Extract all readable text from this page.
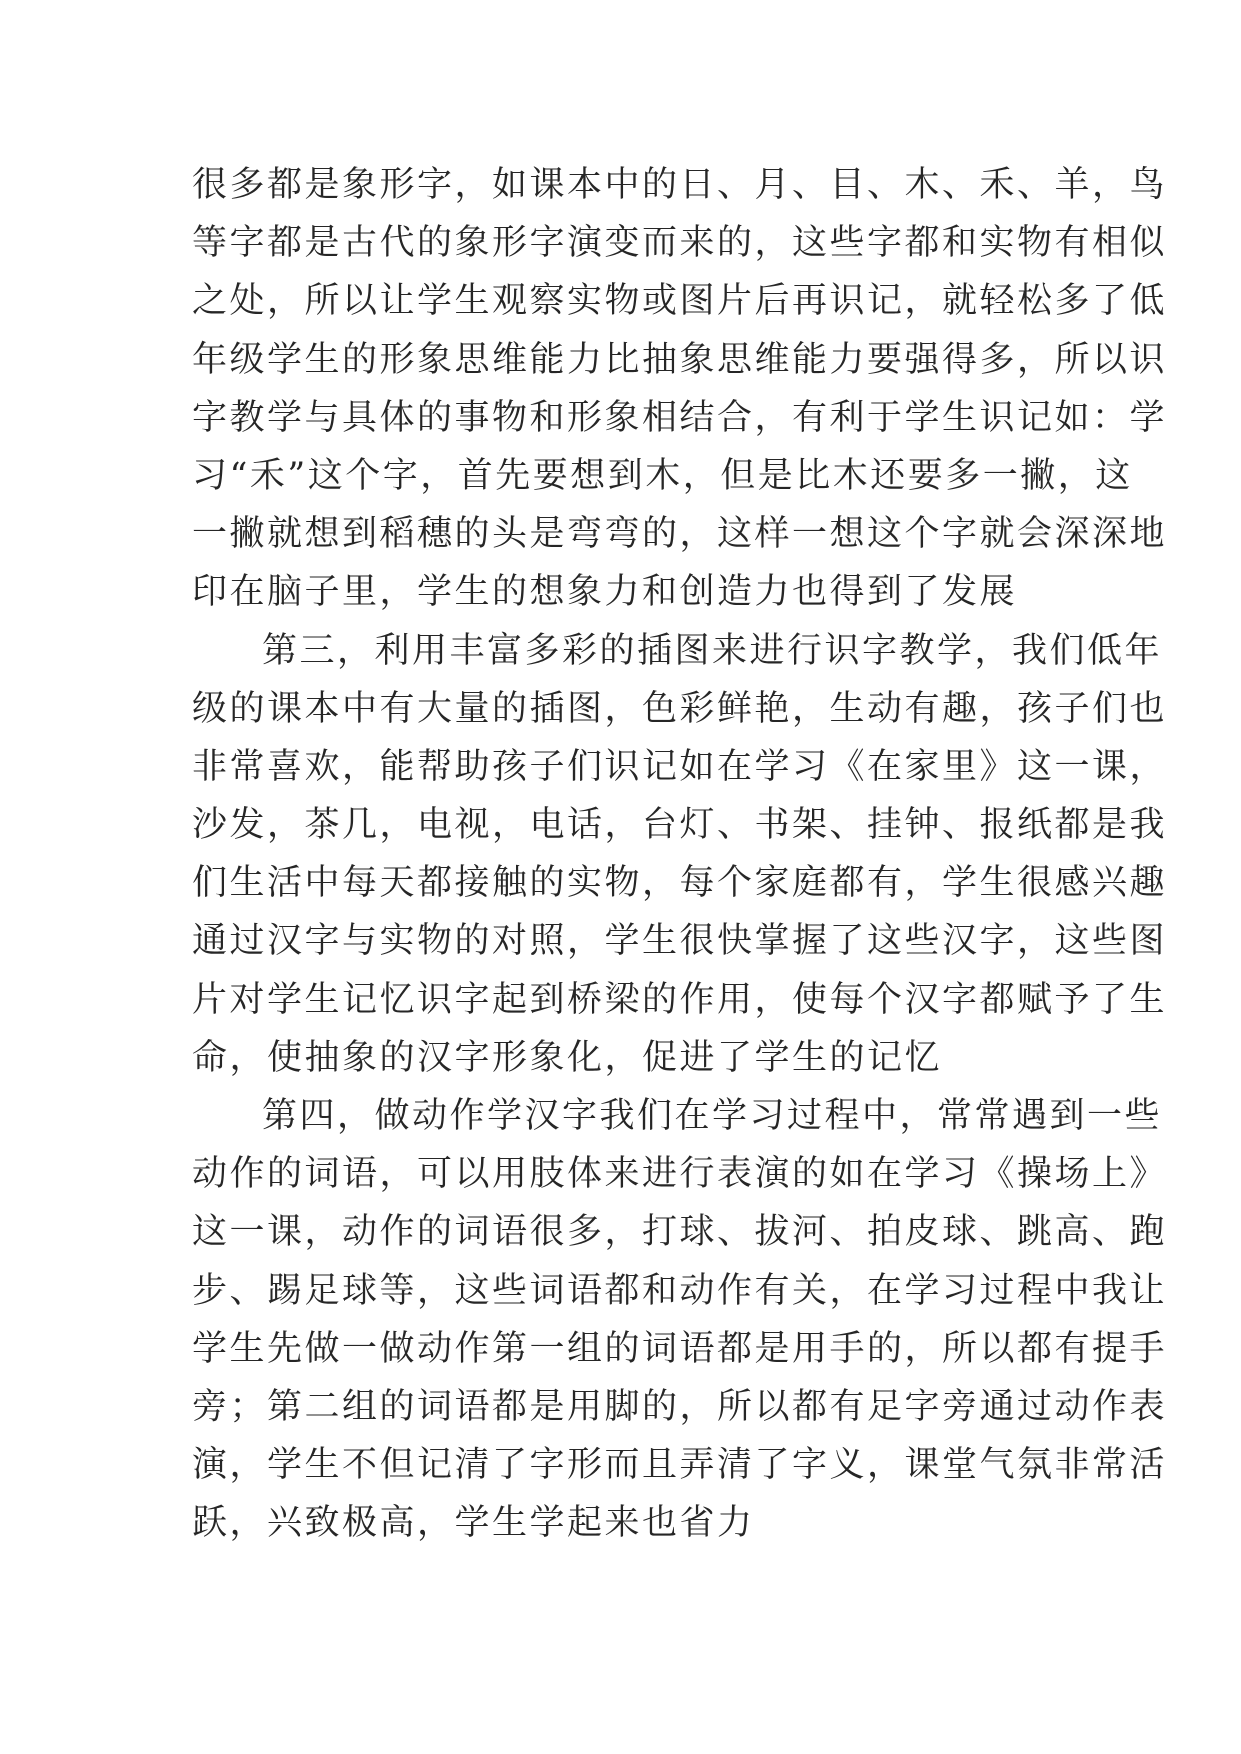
很多都是象形字，如课本中的日、月、目、木、禾、羊，鸟
等字都是古代的象形字演变而来的，这些字都和实物有相似
之处，所以让学生观察实物或图片后再识记，就轻松多了低
年级学生的形象思维能力比抽象思维能力要强得多，所以识
字教学与具体的事物和形象相结合，有利于学生识记如：学
习“禾”这个字，首先要想到木，但是比木还要多一撇，这
一撇就想到稻穗的头是弯弯的，这样一想这个字就会深深地
印在脑子里，学生的想象力和创造力也得到了发展
第三，利用丰富多彩的插图来进行识字教学，我们低年
级的课本中有大量的插图，色彩鲜艳，生动有趣，孩子们也
非常喜欢，能帮助孩子们识记如在学习《在家里》这一课，
沙发，茶几，电视，电话，台灯、书架、挂钟、报纸都是我
们生活中每天都接触的实物，每个家庭都有，学生很感兴趣
通过汉字与实物的对照，学生很快掌握了这些汉字，这些图
片对学生记忆识字起到桥梁的作用，使每个汉字都赋予了生
命，使抽象的汉字形象化，促进了学生的记忆
第四，做动作学汉字我们在学习过程中，常常遇到一些
动作的词语，可以用肢体来进行表演的如在学习《操场上》
这一课，动作的词语很多，打球、拔河、拍皮球、跳高、跑
步、踢足球等，这些词语都和动作有关，在学习过程中我让
学生先做一做动作第一组的词语都是用手的，所以都有提手
旁；第二组的词语都是用脚的，所以都有足字旁通过动作表
演，学生不但记清了字形而且弄清了字义，课堂气氛非常活
跃，兴致极高，学生学起来也省力
